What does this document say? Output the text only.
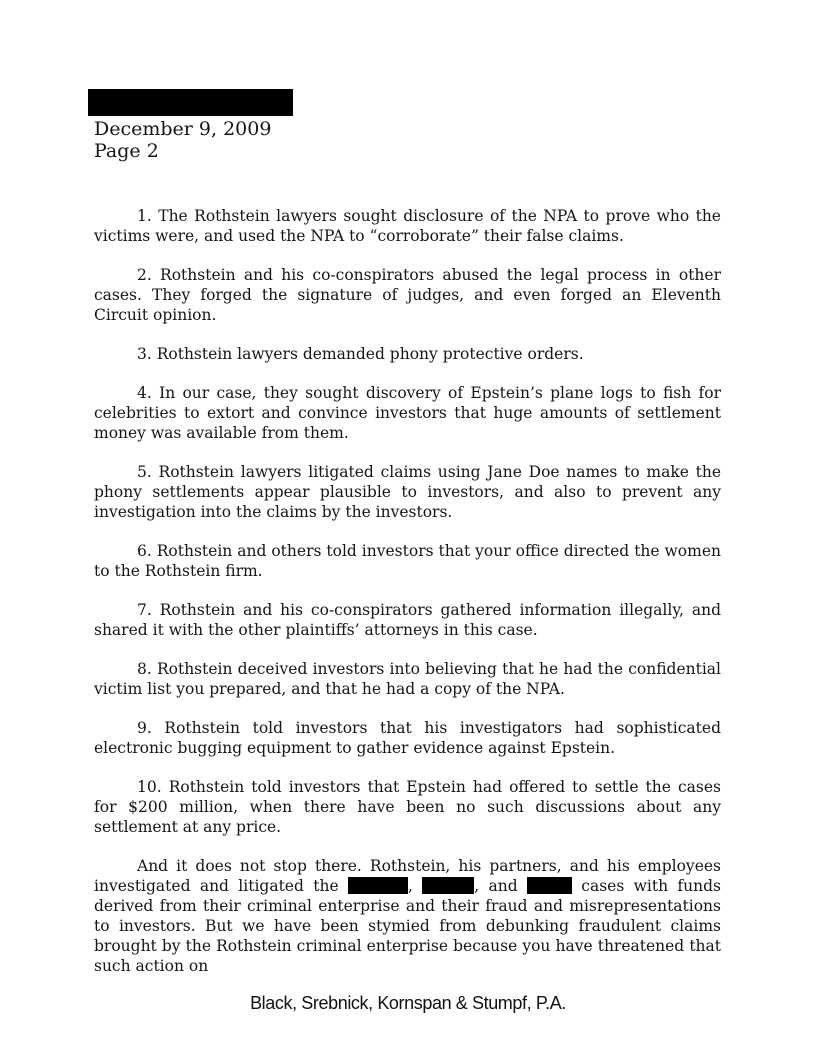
December 9, 2009
Page 2

1. The Rothstein lawyers sought disclosure of the NPA to prove who the victims were, and used the NPA to “corroborate” their false claims.

2. Rothstein and his co-conspirators abused the legal process in other cases. They forged the signature of judges, and even forged an Eleventh Circuit opinion.

3. Rothstein lawyers demanded phony protective orders.

4. In our case, they sought discovery of Epstein’s plane logs to fish for celebrities to extort and convince investors that huge amounts of settlement money was available from them.

5. Rothstein lawyers litigated claims using Jane Doe names to make the phony settlements appear plausible to investors, and also to prevent any investigation into the claims by the investors.

6. Rothstein and others told investors that your office directed the women to the Rothstein firm.

7. Rothstein and his co-conspirators gathered information illegally, and shared it with the other plaintiffs’ attorneys in this case.

8. Rothstein deceived investors into believing that he had the confidential victim list you prepared, and that he had a copy of the NPA.

9. Rothstein told investors that his investigators had sophisticated electronic bugging equipment to gather evidence against Epstein.

10. Rothstein told investors that Epstein had offered to settle the cases for $200 million, when there have been no such discussions about any settlement at any price.

And it does not stop there. Rothstein, his partners, and his employees investigated and litigated the	,	, and	cases with funds derived from their criminal enterprise and their fraud and misrepresentations to investors. But we have been stymied from debunking fraudulent claims brought by the Rothstein criminal enterprise because you have threatened that such action on

Black, Srebnick, Kornspan & Stumpf, P.A.
